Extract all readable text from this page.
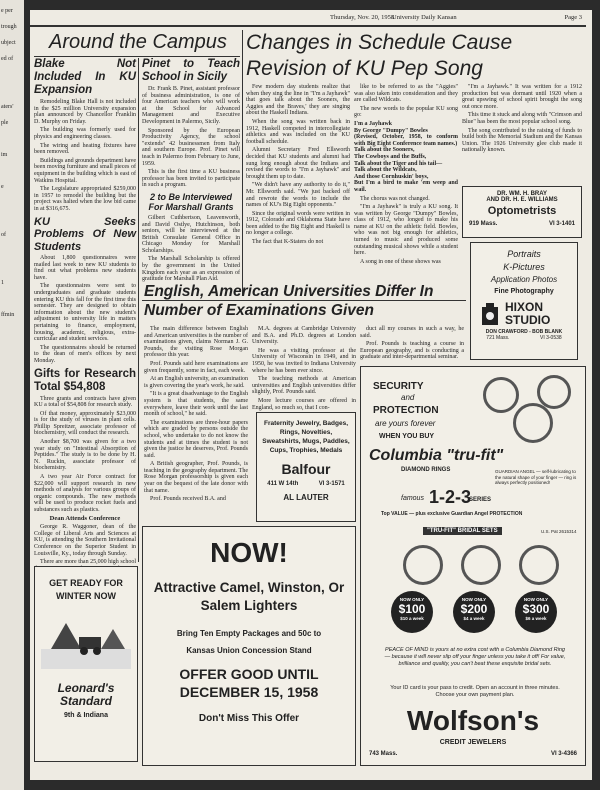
e per
trough
ubject
ed of
aters'
ple
im
e
of
1
ffmin
Thursday, Nov. 20, 1958
University Daily Kansan	Page 3
Around the Campus
Blake Not Included In KU Expansion

Remodeling Blake Hall is not included in the $25 million University expansion plan announced by Chancellor Franklin D. Murphy on Friday.

The building was formerly used for physics and engineering classes.

The wiring and heating fixtures have been removed.

Buildings and grounds department have been moving furniture and small pieces of equipment in the building which is east of Watkins Hospital.

The Legislature appropriated $259,000 in 1957 to remodel the building but the project was halted when the low bid came in at $316,675.

KU Seeks Problems Of New Students

About 1,800 questionnaires were mailed last week to new KU students to find out what problems new students have.

The questionnaires were sent to undergraduates and graduate students entering KU this fall for the first time this semester. They are designed to obtain information about the new student's adjustment to university life in matters pertaining to finance, employment, housing, academic, religious, extra-curricular and student services.

The questionnaires should be returned to the dean of men's offices by next Monday.

Gifts for Research Total $54,808

Three grants and contracts have given KU a total of $54,808 for research study.

Of that money, approximately $23,000 is for the study of viruses in plant cells. Phillip Spreitzer, associate professor of biochemistry, will conduct the research.

Another $8,700 was given for a two year study on "Intestinal Absorption of Peptides." The study is to be done by H. N. Ruckin, associate professor of biochemistry.

A two year Air Force contract for $22,000 will support research in new methods of analysis for various groups of organic compounds. The new methods will be used to produce rocket fuels and substances such as plastics.

Dean Attends Conference

George R. Waggoner, dean of the College of Liberal Arts and Sciences at KU, is attending the Southern Invitational Conference on the Superior Student in Louisville, Ky., today through Sunday.

There are more than 25,000 high school

Pinet to Teach School in Sicily

Dr. Frank B. Pinet, assistant professor of business administration, is one of four American teachers who will work at the School for Advanced Management and Executive Development in Palermo, Sicily.

Sponsored by the European Productivity Agency, the school "extends" 42 businessmen from Italy and southern Europe. Prof. Pinet will teach in Palermo from February to June, 1959.

This is the first time a KU business professor has been invited to participate in such a program.

2 to Be Interviewed For Marshall Grants

Gilbert Cuthbertson, Leavenworth, and David Ostlye, Hutchinson, both seniors, will be interviewed at the British Consulate General Office in Chicago Monday for Marshall Scholarships.

The Marshall Scholarship is offered by the government in the United Kingdom each year as an expression of gratitude for Marshall Plan Aid.

Changes in Schedule Cause Revision of KU Pep Song

Few modern day students realize that when they sing the line in "I'm a Jayhawk" that goes talk about the Sooners, the Aggies and the Braves,' they are singing about the Haskell Indians.

When the song was written back in 1912, Haskell competed in intercollegiate athletics and was included on the KU football schedule.

Alumni Secretary Fred Ellsworth decided that KU students and alumni had sung long enough about the Indians and revised the words to "I'm a Jayhawk" and brought them up to date.

"We didn't have any authority to do it," Mr. Ellsworth said. "We just backed off and rewrote the words to include the names of KU's Big Eight opponents."

Since the original words were written in 1912, Colorado and Oklahoma State have been added to the Big Eight and Haskell is no longer a college.

The fact that K-Staters do not

like to be referred to as the "Aggies" was also taken into consideration and they are called Wildcats.

The new words to the popular KU song go:

I'm a Jayhawk
By George "Dumpy" Bowles
(Revised, October, 1958, to conform with Big Eight Conference team names.)
Talk about the Sooners,
The Cowboys and the Buffs,
Talk about the Tiger and his tail—
Talk about the Wildcats,
And those Cornhuskin' boys,
But I'm a bird to make 'em weep and wail.

The chorus was not changed.

"I'm a Jayhawk" is truly a KU song. It was written by George "Dumpy" Bowles, class of 1912, who longed to make his name at KU on the athletic field. Bowles, who was not big enough for athletics, turned to music and produced some outstanding musical shows while a student here.

A song in one of these shows was

"I'm a Jayhawk." It was written for a 1912 production but was dormant until 1920 when a great upswing of school spirit brought the song out once more.

This time it stuck and along with "Crimson and Blue" has been the most popular school song.

The song contributed to the raising of funds to build both the Memorial Stadium and the Kansas Union. The 1926 University glee club made it nationally known.

DR. WM. H. BRAY
AND DR. H. E. WILLIAMS
Optometrists
919 Mass.	VI 3-1401
Portraits
K-Pictures
Application Photos
Fine Photography
HIXON STUDIO
DON CRAWFORD - BOB BLANK
721 Mass.	VI 3-0538
English, American Universities Differ In Number of Examinations Given

The main difference between English and American universities is the number of examinations given, claims Norman J. G. Pounds, the visiting Rose Morgan professor this year.

Prof. Pounds said here examinations are given frequently, some in fact, each week.

At an English university, an examination is given covering the year's work, he said.

"It is a great disadvantage to the English system is that students, the same everywhere, leave their work until the last month of school," he said.

The examinations are three-hour papers which are graded by persons outside the school, who undertake to do not know the students and at times the student is not given the justice he deserves, Prof. Pounds said.

A British geographer, Prof. Pounds, is teaching in the geography department. The Rose Morgan professorship is given each year on the bequest of the late donor with that name.

Prof. Pounds received B.A. and

M.A. degrees at Cambridge University and B.A. and Ph.D. degrees at London University.

He was a visiting professor at the University of Wisconsin in 1949, and in 1950, he was invited to Indiana University where he has been ever since.

The teaching methods at American universities and English universities differ slightly, Prof. Pounds said.

More lecture courses are offered in England, so much so, that I con-

duct all my courses in such a way, he said.

Prof. Pounds is teaching a course in European geography, and is conducting a graduate and inter-departmental seminar.

Fraternity Jewelry, Badges, Rings, Novelties, Sweatshirts, Mugs, Paddles, Cups, Trophies, Medals
Balfour
411 W 14th	VI 3-1571
AL LAUTER
NOW!
Attractive Camel, Winston, Or Salem Lighters
Bring Ten Empty Packages and 50c to
Kansas Union Concession Stand
OFFER GOOD UNTIL DECEMBER 15, 1958
Don't Miss This Offer
GET READY FOR WINTER NOW
Leonard's Standard
9th & Indiana
SECURITY
and
PROTECTION
are yours forever
WHEN YOU BUY
Columbia "tru-fit"
DIAMOND RINGS	GUARDIAN ANGEL — self-lubricating to the natural shape of your finger — ring is always perfectly positioned!
famous 1-2-3
SERIES
Top VALUE — plus exclusive Guardian Angel PROTECTION
"TRU-FIT" BRIDAL SETS	U.S. Pat 2615314
NOW ONLY
$100
$10 a week
NOW ONLY
$200
$4 a week
NOW ONLY
$300
$6 a week
PEACE OF MIND is yours at no extra cost with a Columbia Diamond Ring — because it will never slip off your finger unless you take it off! For value, brilliance and quality, you can't beat these exquisite bridal sets.
Your ID card is your pass to credit. Open an account in three minutes. Choose your own payment plan.
Wolfson's
CREDIT JEWELERS
743 Mass.	VI 3-4366
